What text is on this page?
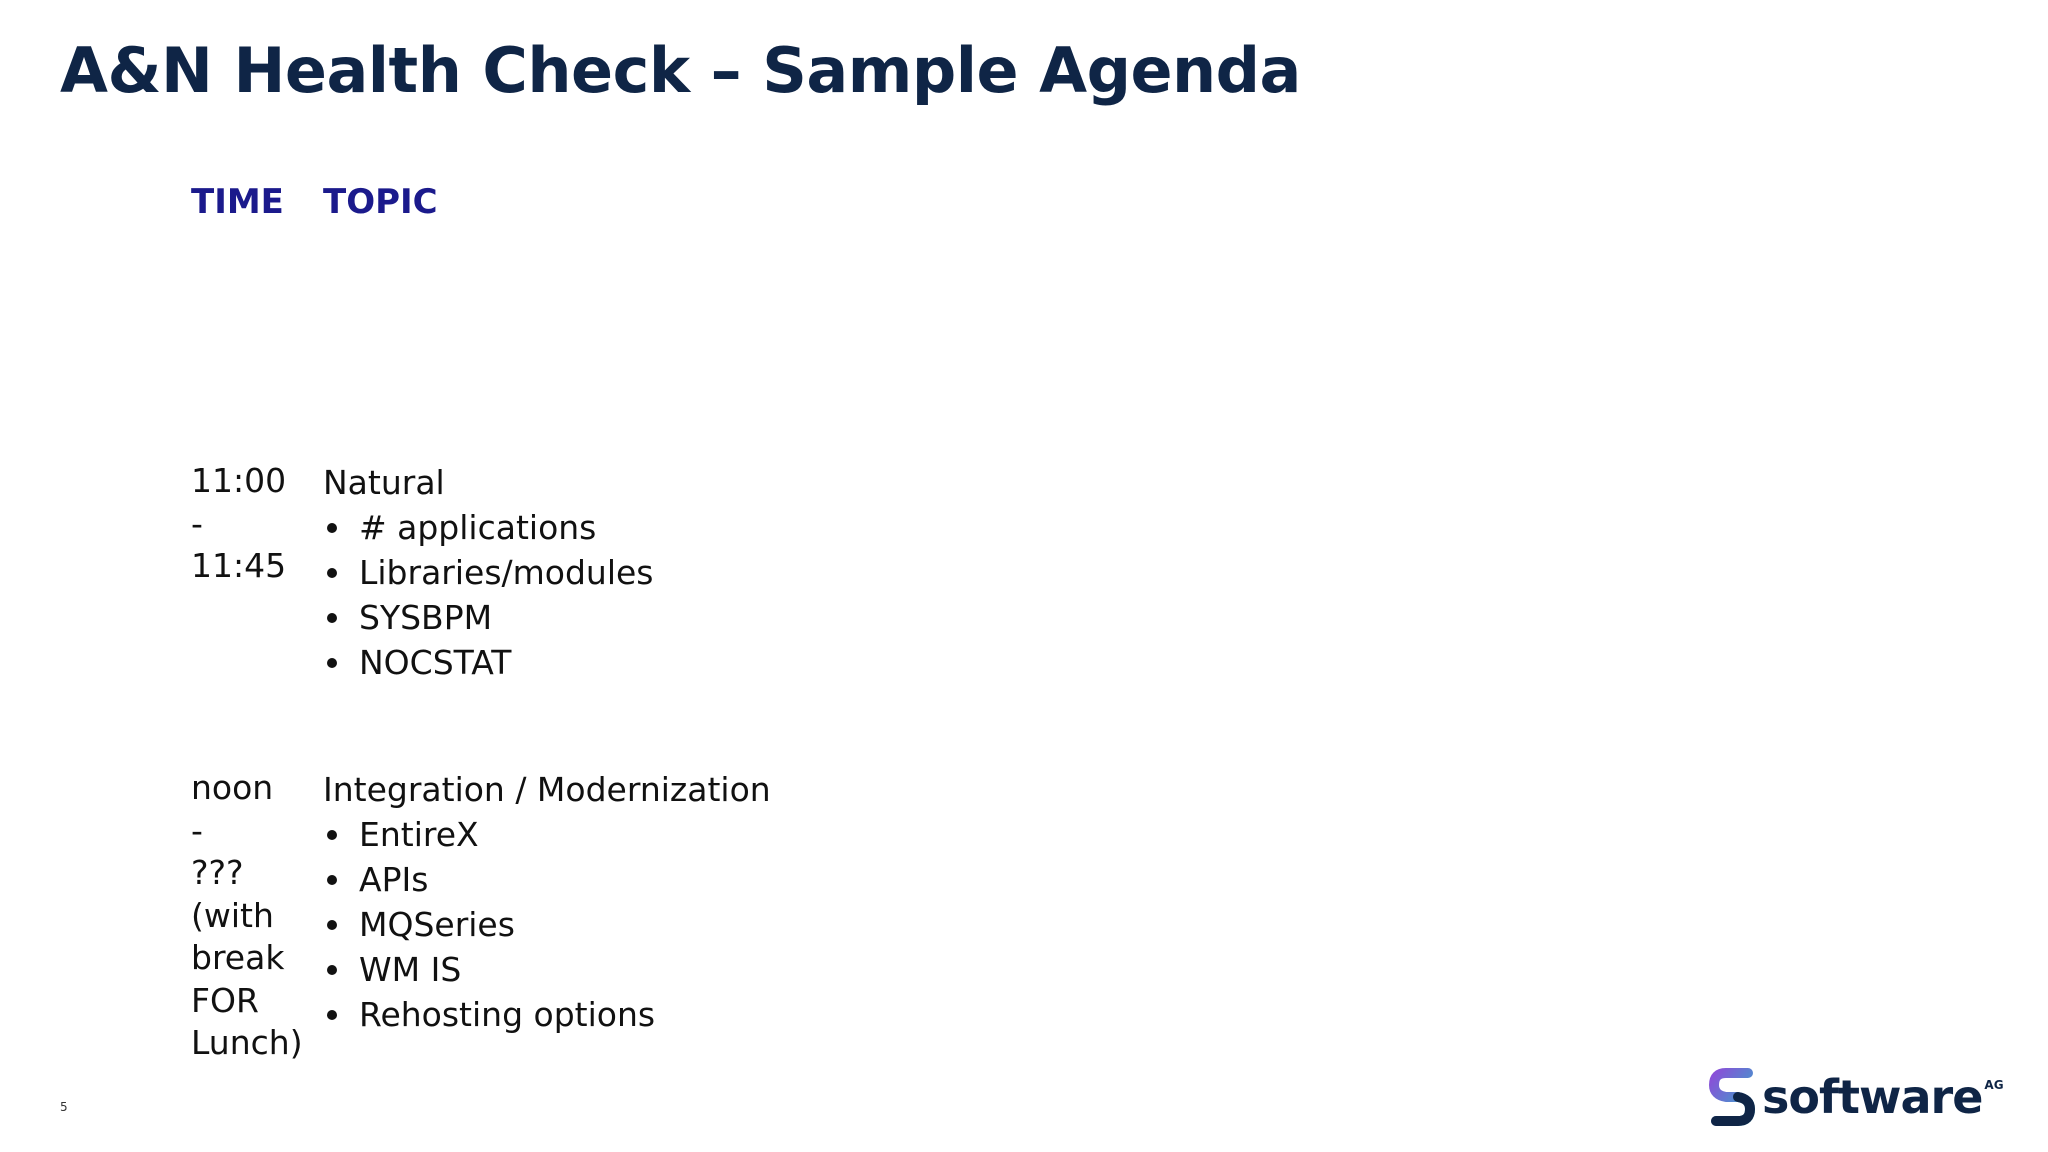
A&N Health Check – Sample Agenda
TIME TOPIC
11:00
-
11:45
Natural
# applications
Libraries/modules
SYSBPM
NOCSTAT
noon
-
???
(with
break
FOR
Lunch)
Integration / Modernization
EntireX
APIs
MQSeries
WM IS
Rehosting options
5	software AG
